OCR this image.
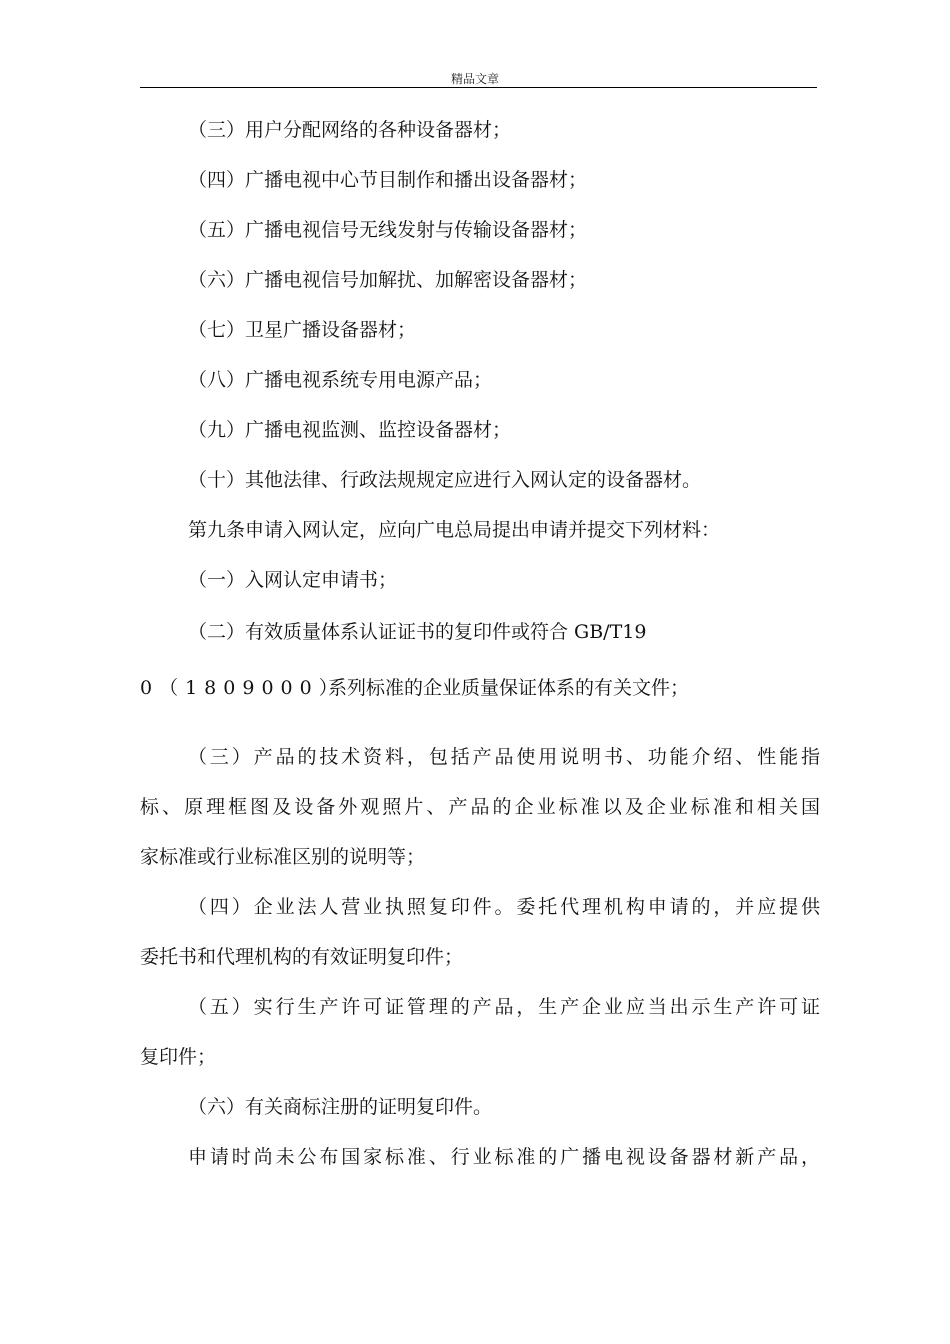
精品文章
（三）用户分配网络的各种设备器材；
（四）广播电视中心节目制作和播出设备器材；
（五）广播电视信号无线发射与传输设备器材；
（六）广播电视信号加解扰、加解密设备器材；
（七）卫星广播设备器材；
（八）广播电视系统专用电源产品；
（九）广播电视监测、监控设备器材；
（十）其他法律、行政法规规定应进行入网认定的设备器材。
第九条申请入网认定，应向广电总局提出申请并提交下列材料：
（一）入网认定申请书；
（二）有效质量体系认证证书的复印件或符合 GB/T19
0（1809000）
系列标准的企业质量保证体系的有关文件；
（三）产品的技术资料，包括产品使用说明书、功能介绍、性能指
标、原理框图及设备外观照片、产品的企业标准以及企业标准和相关国
家标准或行业标准区别的说明等；
（四）企业法人营业执照复印件。委托代理机构申请的，并应提供
委托书和代理机构的有效证明复印件；
（五）实行生产许可证管理的产品，生产企业应当出示生产许可证
复印件；
（六）有关商标注册的证明复印件。
申请时尚未公布国家标准、行业标准的广播电视设备器材新产品，
